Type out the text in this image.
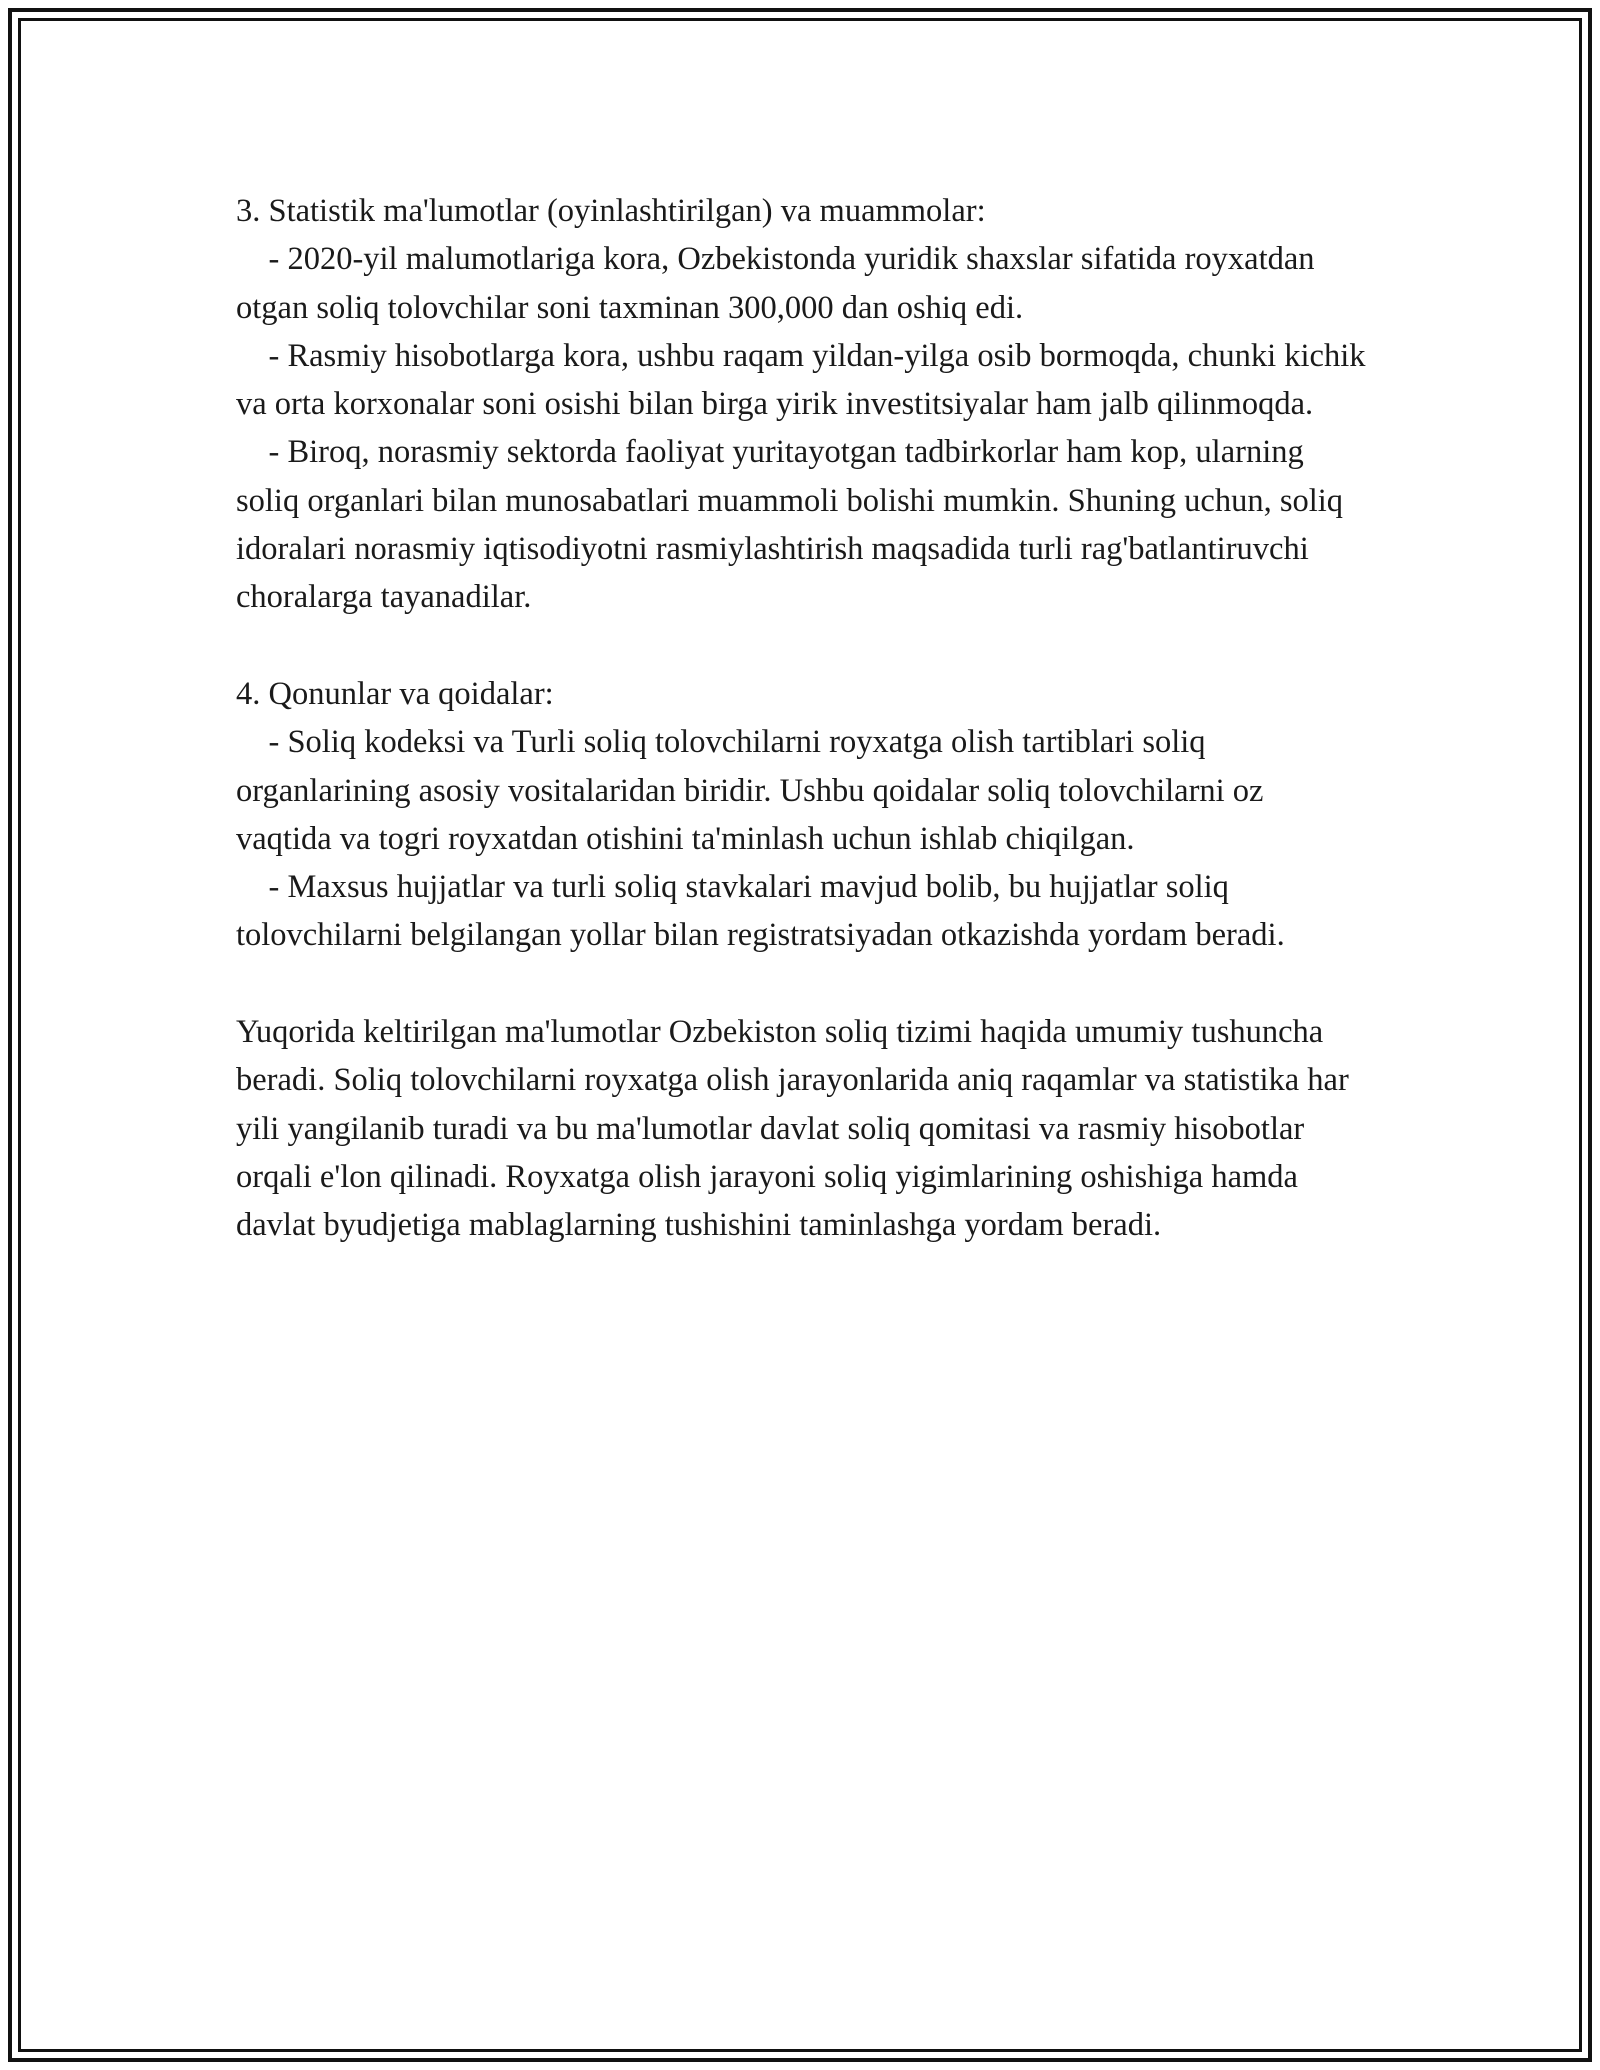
3. Statistik ma'lumotlar (oyinlashtirilgan) va muammolar:

- 2020-yil malumotlariga kora, Ozbekistonda yuridik shaxslar sifatida royxatdan otgan soliq tolovchilar soni taxminan 300,000 dan oshiq edi.

- Rasmiy hisobotlarga kora, ushbu raqam yildan-yilga osib bormoqda, chunki kichik va orta korxonalar soni osishi bilan birga yirik investitsiyalar ham jalb qilinmoqda.

- Biroq, norasmiy sektorda faoliyat yuritayotgan tadbirkorlar ham kop, ularning soliq organlari bilan munosabatlari muammoli bolishi mumkin. Shuning uchun, soliq idoralari norasmiy iqtisodiyotni rasmiylashtirish maqsadida turli rag'batlantiruvchi choralarga tayanadilar.

4. Qonunlar va qoidalar:

- Soliq kodeksi va Turli soliq tolovchilarni royxatga olish tartiblari soliq organlarining asosiy vositalaridan biridir. Ushbu qoidalar soliq tolovchilarni oz vaqtida va togri royxatdan otishini ta'minlash uchun ishlab chiqilgan.

- Maxsus hujjatlar va turli soliq stavkalari mavjud bolib, bu hujjatlar soliq tolovchilarni belgilangan yollar bilan registratsiyadan otkazishda yordam beradi.

Yuqorida keltirilgan ma'lumotlar Ozbekiston soliq tizimi haqida umumiy tushuncha beradi. Soliq tolovchilarni royxatga olish jarayonlarida aniq raqamlar va statistika har yili yangilanib turadi va bu ma'lumotlar davlat soliq qomitasi va rasmiy hisobotlar orqali e'lon qilinadi. Royxatga olish jarayoni soliq yigimlarining oshishiga hamda davlat byudjetiga mablaglarning tushishini taminlashga yordam beradi.
